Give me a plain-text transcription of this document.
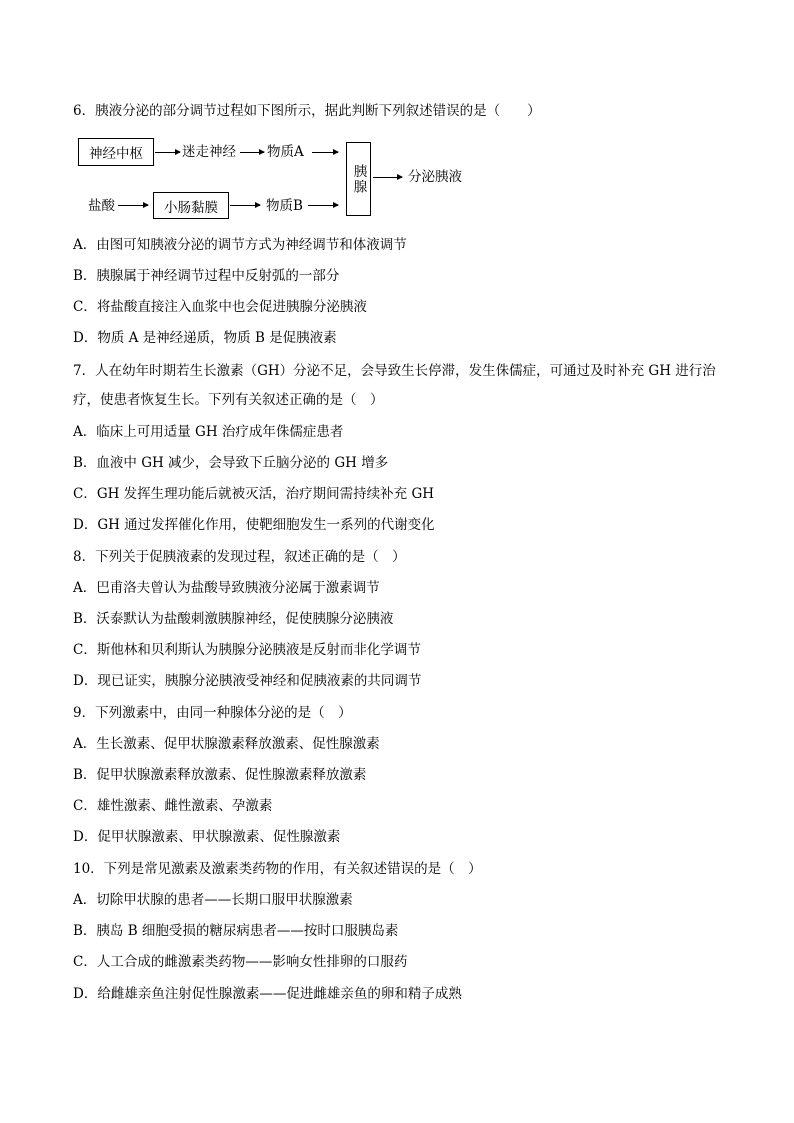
6．胰液分泌的部分调节过程如下图所示，据此判断下列叙述错误的是（　　）
神经中枢	迷走神经 物质A
胰腺	分泌胰液
盐酸	小肠黏膜	物质B
A．由图可知胰液分泌的调节方式为神经调节和体液调节
B．胰腺属于神经调节过程中反射弧的一部分
C．将盐酸直接注入血浆中也会促进胰腺分泌胰液
D．物质 A 是神经递质，物质 B 是促胰液素
7．人在幼年时期若生长激素（GH）分泌不足，会导致生长停滞，发生侏儒症，可通过及时补充 GH 进行治
疗，使患者恢复生长。下列有关叙述正确的是（　）
A．临床上可用适量 GH 治疗成年侏儒症患者
B．血液中 GH 减少，会导致下丘脑分泌的 GH 增多
C．GH 发挥生理功能后就被灭活，治疗期间需持续补充 GH
D．GH 通过发挥催化作用，使靶细胞发生一系列的代谢变化
8．下列关于促胰液素的发现过程，叙述正确的是（　）
A．巴甫洛夫曾认为盐酸导致胰液分泌属于激素调节
B．沃泰默认为盐酸刺激胰腺神经，促使胰腺分泌胰液
C．斯他林和贝利斯认为胰腺分泌胰液是反射而非化学调节
D．现已证实，胰腺分泌胰液受神经和促胰液素的共同调节
9．下列激素中，由同一种腺体分泌的是（　）
A．生长激素、促甲状腺激素释放激素、促性腺激素
B．促甲状腺激素释放激素、促性腺激素释放激素
C．雄性激素、雌性激素、孕激素
D．促甲状腺激素、甲状腺激素、促性腺激素
10．下列是常见激素及激素类药物的作用，有关叙述错误的是（　）
A．切除甲状腺的患者——长期口服甲状腺激素
B．胰岛 B 细胞受损的糖尿病患者——按时口服胰岛素
C．人工合成的雌激素类药物——影响女性排卵的口服药
D．给雌雄亲鱼注射促性腺激素——促进雌雄亲鱼的卵和精子成熟
